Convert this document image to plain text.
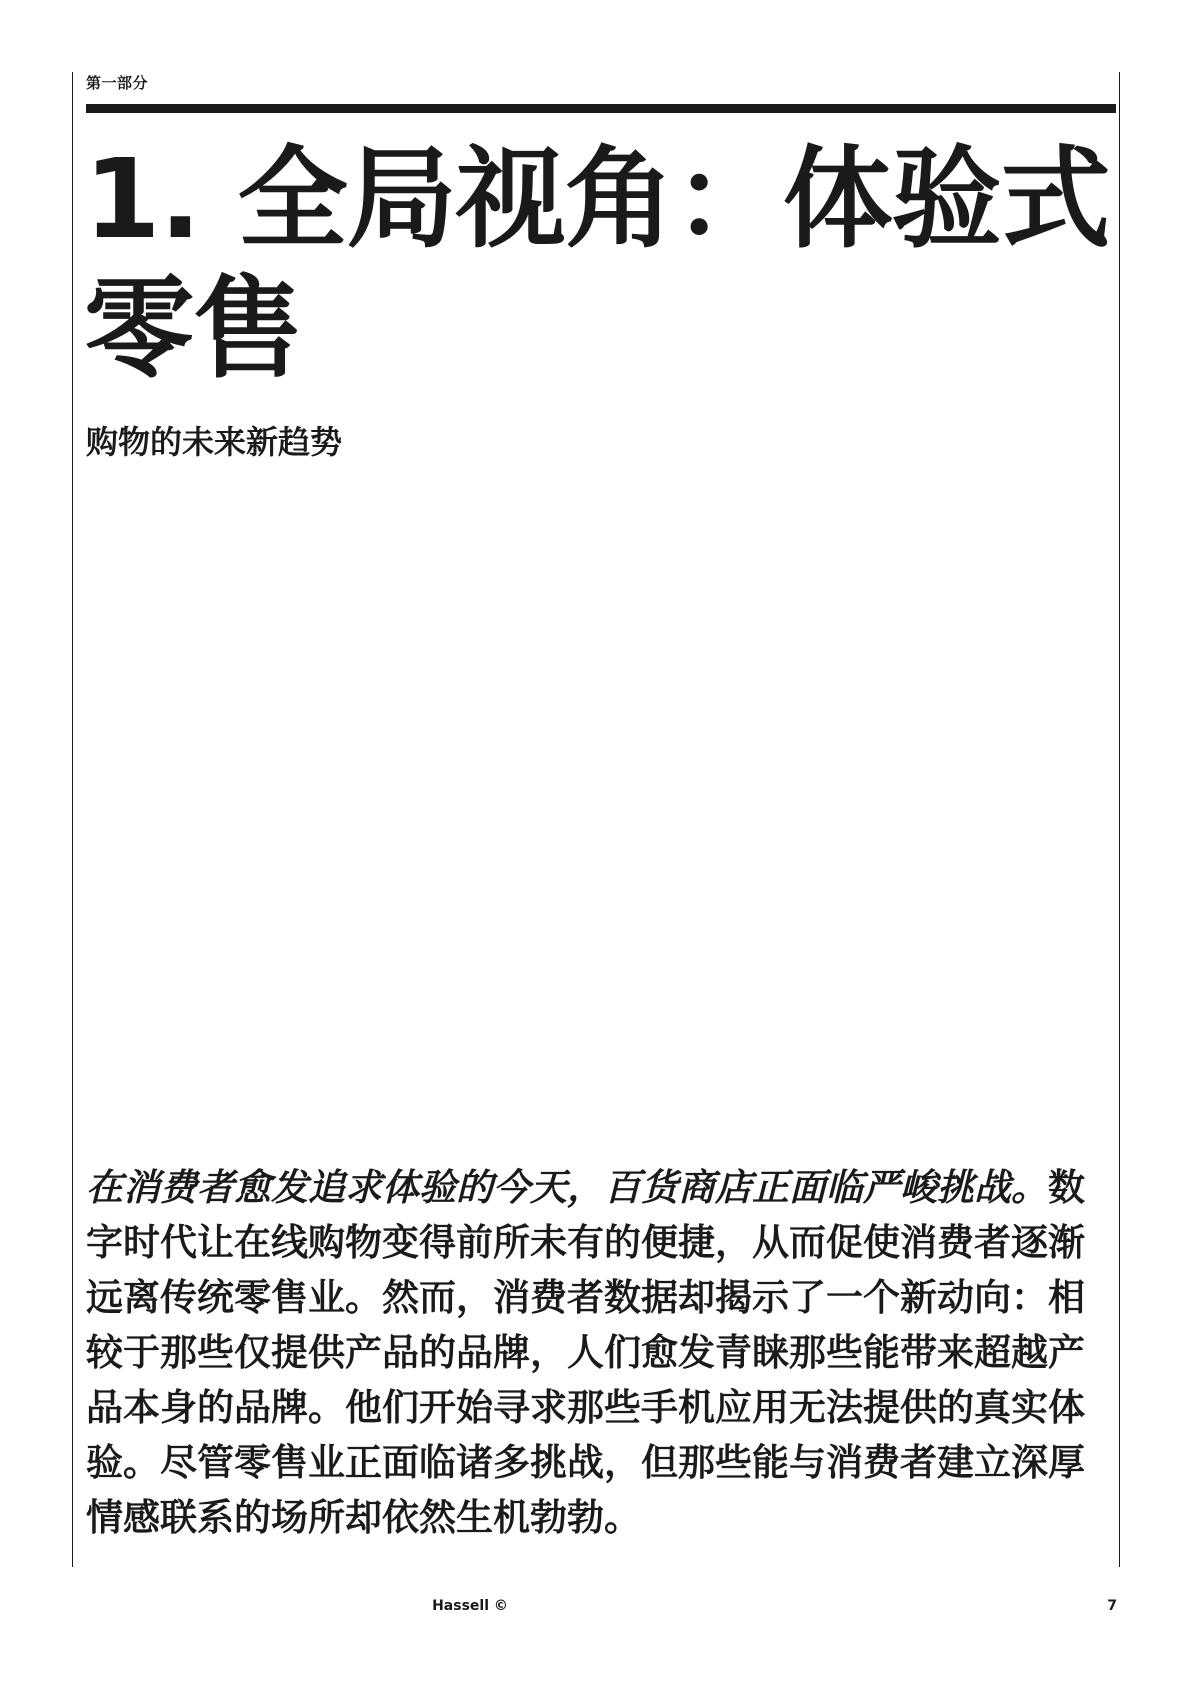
第一部分
1. 全局视角：体验式
零售
购物的未来新趋势

在消费者愈发追求体验的今天，百货商店正面临严峻挑战。数字时代让在线购物变得前所未有的便捷，从而促使消费者逐渐远离传统零售业。然而，消费者数据却揭示了一个新动向：相较于那些仅提供产品的品牌，人们愈发青睐那些能带来超越产品本身的品牌。他们开始寻求那些手机应用无法提供的真实体验。尽管零售业正面临诸多挑战，但那些能与消费者建立深厚情感联系的场所却依然生机勃勃。

Hassell ©	7
